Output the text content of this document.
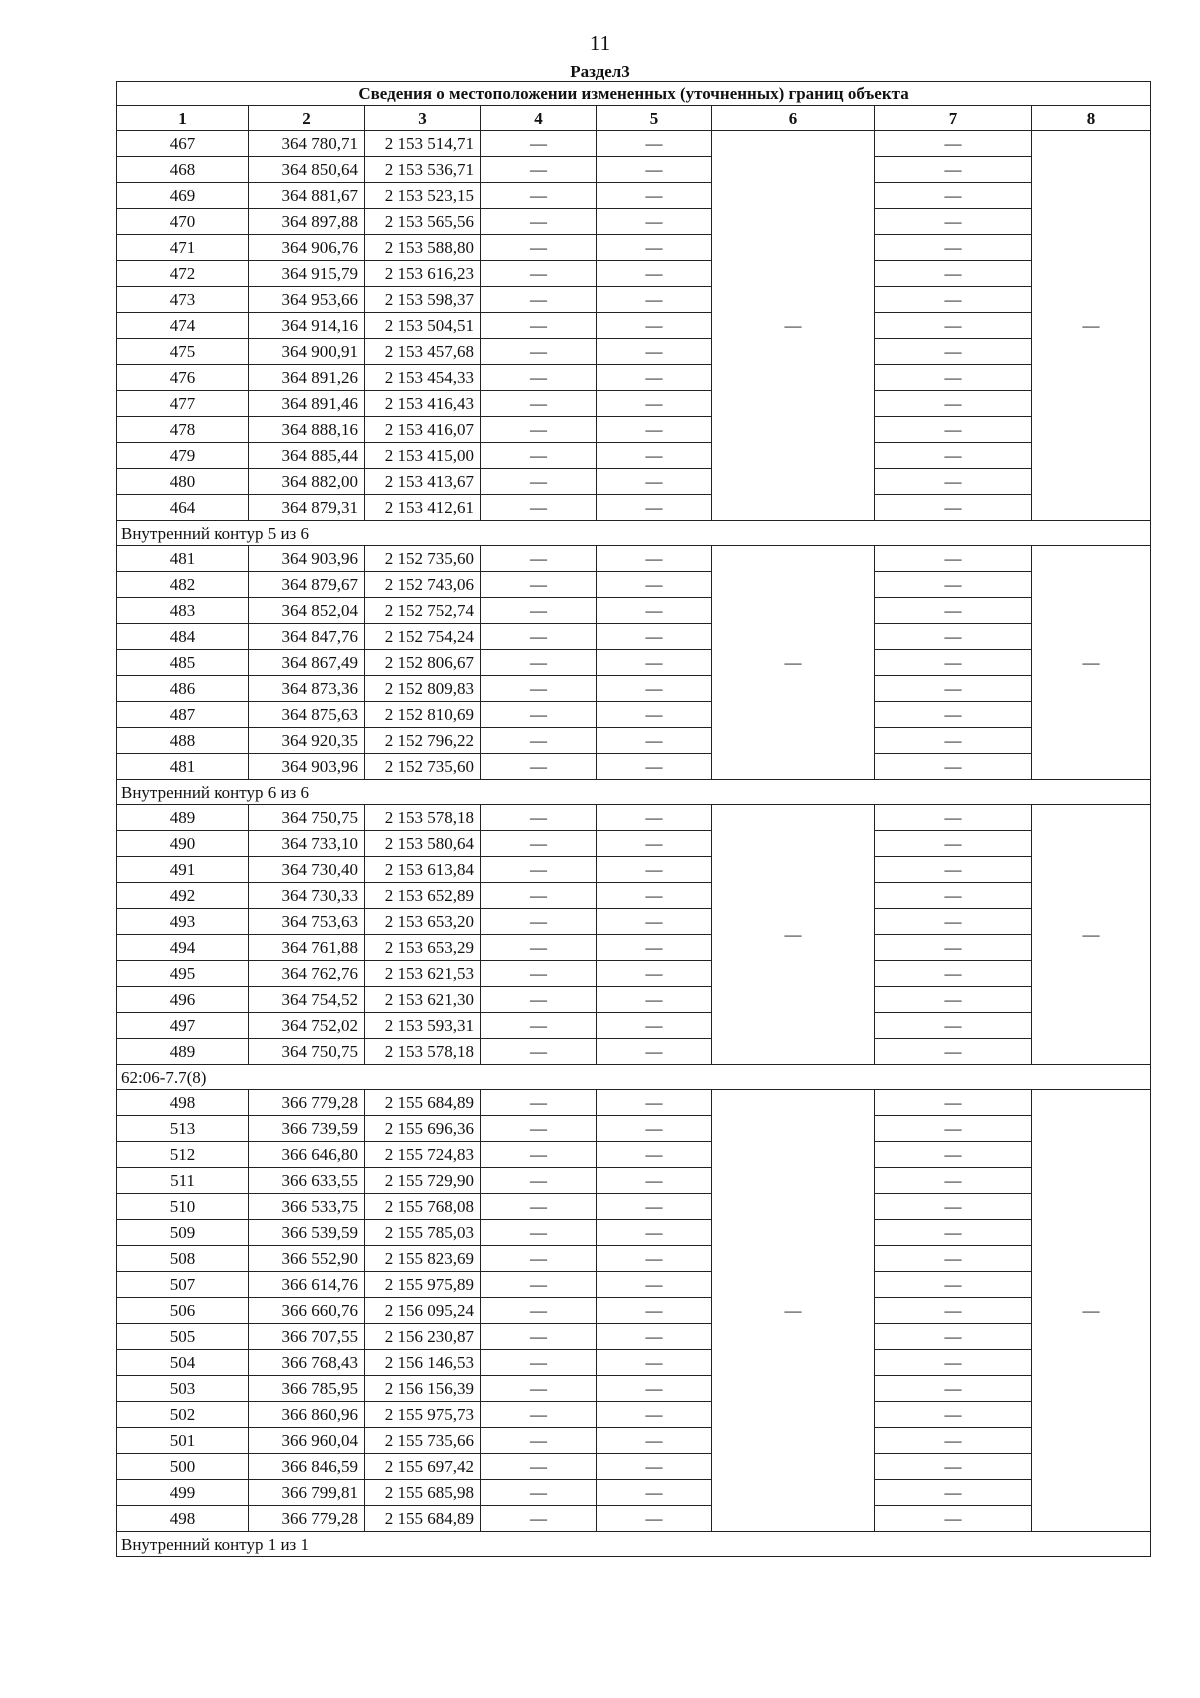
11
Раздел3
Сведения о местоположении измененных (уточненных) границ объекта							
1	2	3	4	5	6	7	8
467	364 780,71	2 153 514,71	—	—	—	—	—
468	364 850,64	2 153 536,71	—	—		—	
469	364 881,67	2 153 523,15	—	—		—	
470	364 897,88	2 153 565,56	—	—		—	
471	364 906,76	2 153 588,80	—	—		—	
472	364 915,79	2 153 616,23	—	—		—	
473	364 953,66	2 153 598,37	—	—		—	
474	364 914,16	2 153 504,51	—	—		—	
475	364 900,91	2 153 457,68	—	—		—	
476	364 891,26	2 153 454,33	—	—		—	
477	364 891,46	2 153 416,43	—	—		—	
478	364 888,16	2 153 416,07	—	—		—	
479	364 885,44	2 153 415,00	—	—		—	
480	364 882,00	2 153 413,67	—	—		—	
464	364 879,31	2 153 412,61	—	—		—	
Внутренний контур 5 из 6							
481	364 903,96	2 152 735,60	—	—	—	—	—
482	364 879,67	2 152 743,06	—	—		—	
483	364 852,04	2 152 752,74	—	—		—	
484	364 847,76	2 152 754,24	—	—		—	
485	364 867,49	2 152 806,67	—	—		—	
486	364 873,36	2 152 809,83	—	—		—	
487	364 875,63	2 152 810,69	—	—		—	
488	364 920,35	2 152 796,22	—	—		—	
481	364 903,96	2 152 735,60	—	—		—	
Внутренний контур 6 из 6							
489	364 750,75	2 153 578,18	—	—	—	—	—
490	364 733,10	2 153 580,64	—	—		—	
491	364 730,40	2 153 613,84	—	—		—	
492	364 730,33	2 153 652,89	—	—		—	
493	364 753,63	2 153 653,20	—	—		—	
494	364 761,88	2 153 653,29	—	—		—	
495	364 762,76	2 153 621,53	—	—		—	
496	364 754,52	2 153 621,30	—	—		—	
497	364 752,02	2 153 593,31	—	—		—	
489	364 750,75	2 153 578,18	—	—		—	
62:06-7.7(8)							
498	366 779,28	2 155 684,89	—	—	—	—	—
513	366 739,59	2 155 696,36	—	—		—	
512	366 646,80	2 155 724,83	—	—		—	
511	366 633,55	2 155 729,90	—	—		—	
510	366 533,75	2 155 768,08	—	—		—	
509	366 539,59	2 155 785,03	—	—		—	
508	366 552,90	2 155 823,69	—	—		—	
507	366 614,76	2 155 975,89	—	—		—	
506	366 660,76	2 156 095,24	—	—		—	
505	366 707,55	2 156 230,87	—	—		—	
504	366 768,43	2 156 146,53	—	—		—	
503	366 785,95	2 156 156,39	—	—		—	
502	366 860,96	2 155 975,73	—	—		—	
501	366 960,04	2 155 735,66	—	—		—	
500	366 846,59	2 155 697,42	—	—		—	
499	366 799,81	2 155 685,98	—	—		—	
498	366 779,28	2 155 684,89	—	—		—	
Внутренний контур 1 из 1							
